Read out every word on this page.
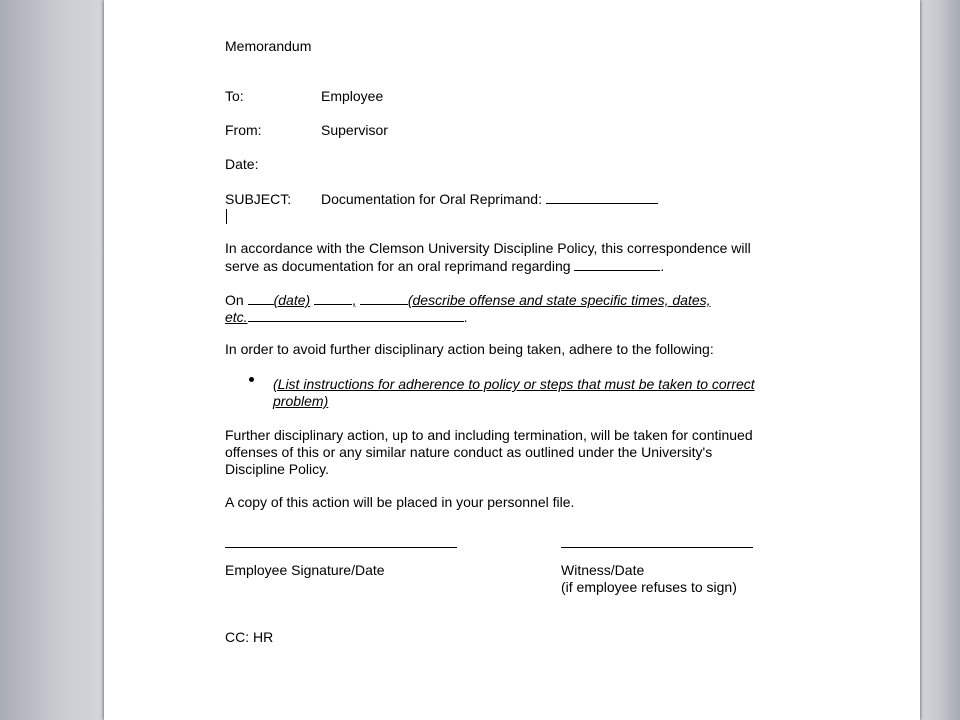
Memorandum
To:	Employee
From:	Supervisor
Date:
SUBJECT: Documentation for Oral Reprimand:
In accordance with the Clemson University Discipline Policy, this correspondence will
serve as documentation for an oral reprimand regarding	.
On (date)	,	(describe offense and state specific times, dates,
etc.	.
In order to avoid further disciplinary action being taken, adhere to the following:
(List instructions for adherence to policy or steps that must be taken to correct
problem)
Further disciplinary action, up to and including termination, will be taken for continued
offenses of this or any similar nature conduct as outlined under the University's
Discipline Policy.
A copy of this action will be placed in your personnel file.
Employee Signature/Date	Witness/Date
(if employee refuses to sign)
CC: HR
